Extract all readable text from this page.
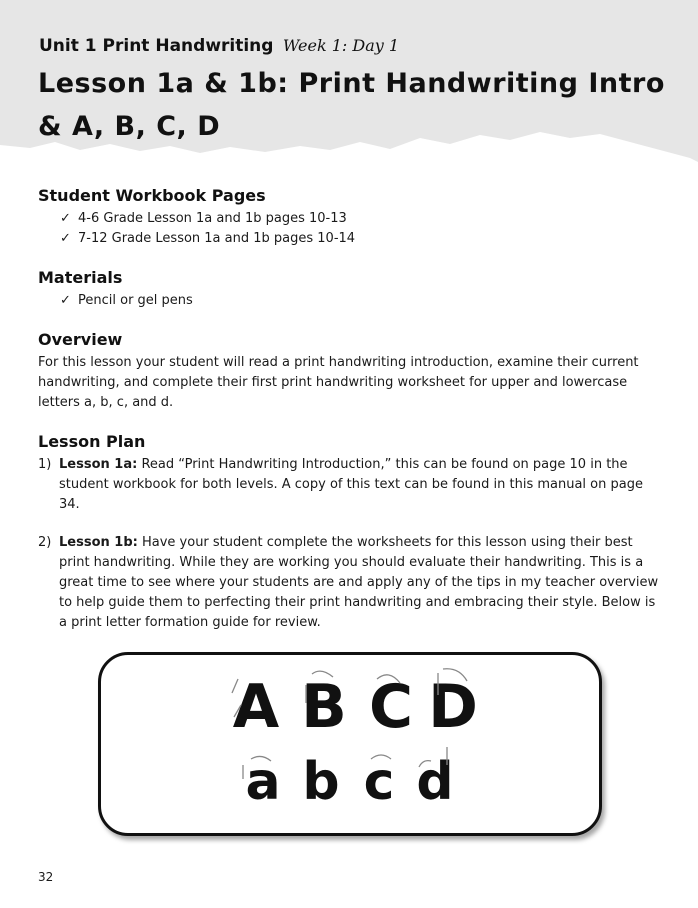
Unit 1 Print Handwriting Week 1: Day 1
Lesson 1a & 1b: Print Handwriting Intro & A, B, C, D
Student Workbook Pages
✓ 4-6 Grade Lesson 1a and 1b pages 10-13
✓ 7-12 Grade Lesson 1a and 1b pages 10-14
Materials
✓ Pencil or gel pens
Overview

For this lesson your student will read a print handwriting introduction, examine their current handwriting, and complete their first print handwriting worksheet for upper and lowercase letters a, b, c, and d.

Lesson Plan
1) Lesson 1a: Read “Print Handwriting Introduction,” this can be found on page 10 in the student workbook for both levels. A copy of this text can be found in this manual on page 34.
2) Lesson 1b: Have your student complete the worksheets for this lesson using their best print handwriting. While they are working you should evaluate their handwriting. This is a great time to see where your students are and apply any of the tips in my teacher overview to help guide them to perfecting their print handwriting and embracing their style. Below is a print letter formation guide for review.
A B C D
a b c d
32
